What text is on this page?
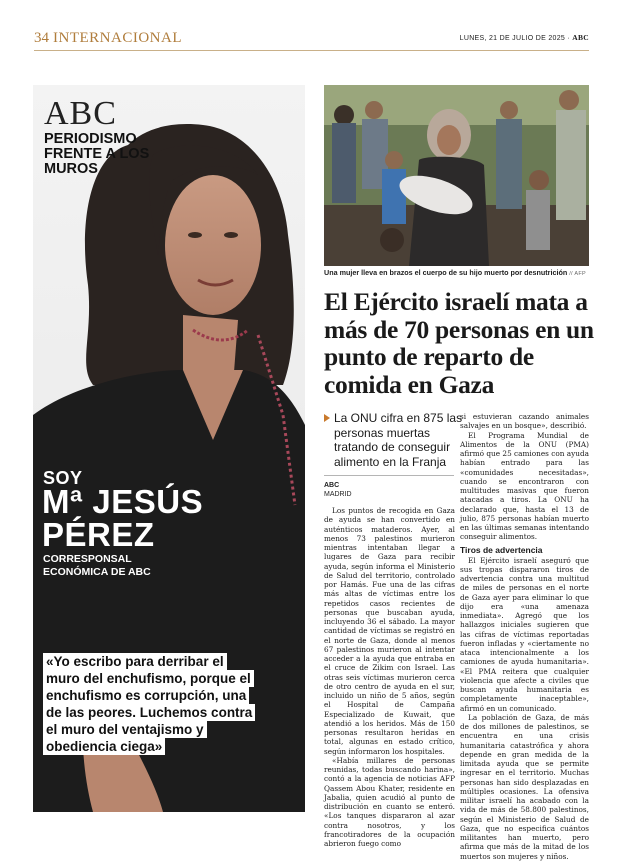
34 INTERNACIONAL	LUNES, 21 DE JULIO DE 2025 · ABC
ABC
PERIODISMO FRENTE A LOS MUROS
SOY
Mª JESÚS PÉREZ
CORRESPONSAL ECONÓMICA DE ABC
«Yo escribo para derribar el muro del enchufismo, porque el enchufismo es corrupción, una de las peores. Luchemos contra el muro del ventajismo y obediencia ciega»
Una mujer lleva en brazos el cuerpo de su hijo muerto por desnutrición // AFP
El Ejército israelí mata a más de 70 personas en un punto de reparto de comida en Gaza
La ONU cifra en 875 las personas muertas tratando de conseguir alimento en la Franja
ABC
MADRID

Los puntos de recogida en Gaza de ayuda se han convertido en auténticos mataderos. Ayer, al menos 73 palestinos murieron mientras intentaban llegar a lugares de Gaza para recibir ayuda, según informa el Ministerio de Salud del territorio, controlado por Hamás. Fue una de las cifras más altas de víctimas entre los repetidos casos recientes de personas que buscaban ayuda, incluyendo 36 el sábado. La mayor cantidad de víctimas se registró en el norte de Gaza, donde al menos 67 palestinos murieron al intentar acceder a la ayuda que entraba en el cruce de Zikim con Israel. Las otras seis víctimas murieron cerca de otro centro de ayuda en el sur, incluido un niño de 5 años, según el Hospital de Campaña Especializado de Kuwait, que atendió a los heridos. Más de 150 personas resultaron heridas en total, algunas en estado crítico, según informaron los hospitales.

«Había millares de personas reunidas, todas buscando harina», contó a la agencia de noticias AFP Qassem Abou Khater, residente en Jabalia, quien acudió al punto de distribución en cuanto se enteró. «Los tanques dispararon al azar contra nosotros, y los francotiradores de la ocupación abrieron fuego como

si estuvieran cazando animales salvajes en un bosque», describió.

El Programa Mundial de Alimentos de la ONU (PMA) afirmó que 25 camiones con ayuda habían entrado para las «comunidades necesitadas», cuando se encontraron con multitudes masivas que fueron atacadas a tiros. La ONU ha declarado que, hasta el 13 de julio, 875 personas habían muerto en las últimas semanas intentando conseguir alimentos.

Tiros de advertencia

El Ejército israelí aseguró que sus tropas dispararon tiros de advertencia contra una multitud de miles de personas en el norte de Gaza ayer para eliminar lo que dijo era «una amenaza inmediata». Agregó que los hallazgos iniciales sugieren que las cifras de víctimas reportadas fueron infladas y «ciertamente no ataca intencionalmente a los camiones de ayuda humanitaria». «El PMA reitera que cualquier violencia que afecte a civiles que buscan ayuda humanitaria es completamente inaceptable», afirmó en un comunicado.

La población de Gaza, de más de dos millones de palestinos, se encuentra en una crisis humanitaria catastrófica y ahora depende en gran medida de la limitada ayuda que se permite ingresar en el territorio. Muchas personas han sido desplazadas en múltiples ocasiones. La ofensiva militar israelí ha acabado con la vida de más de 58.800 palestinos, según el Ministerio de Salud de Gaza, que no especifica cuántos militantes han muerto, pero afirma que más de la mitad de los muertos son mujeres y niños.
